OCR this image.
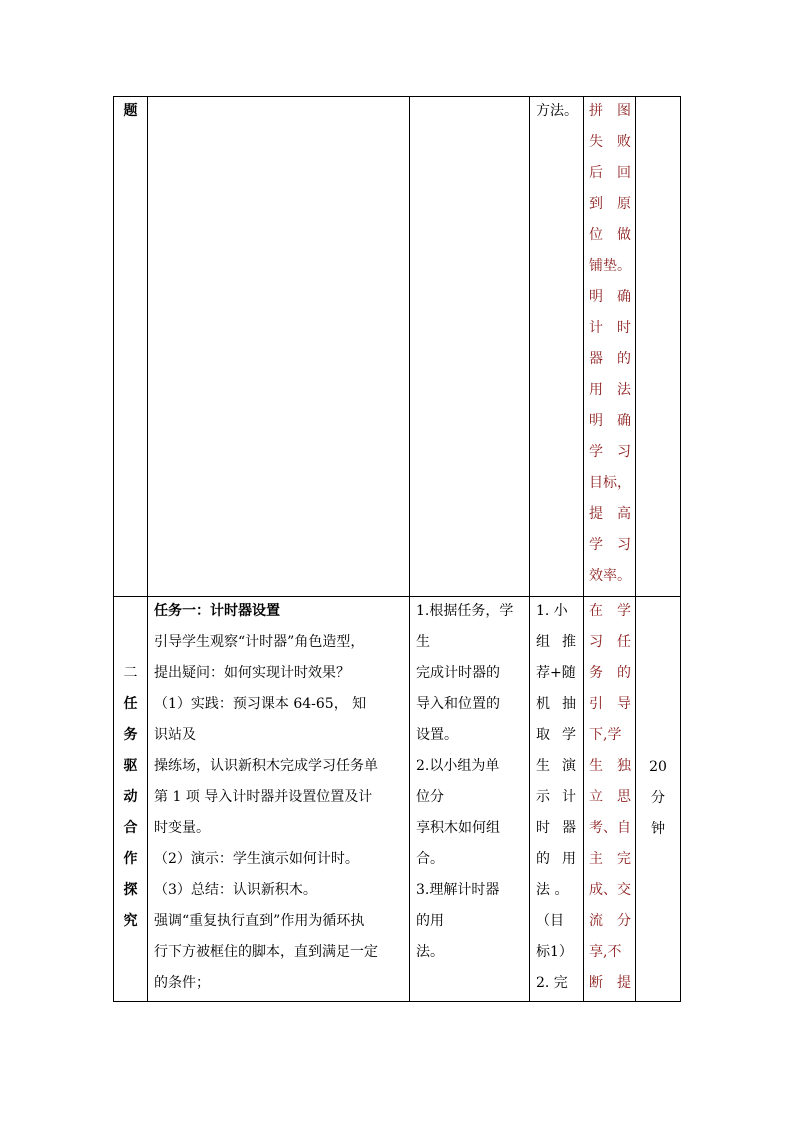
题	方法。 拼 图
失 败
后 回
到 原
位 做
铺垫。
明 确
计 时
器 的
用 法
明 确
学 习
目标，
提 高
学 习
效率。
二
任
务
驱
动
合
作
探
究
任务一：计时器设置
引导学生观察“计时器”角色造型，
提出疑问：如何实现计时效果？
（1）实践：预习课本 64-65， 知
识站及
操练场，认识新积木完成学习任务单
第 1 项 导入计时器并设置位置及计
时变量。
（2）演示：学生演示如何计时。
（3）总结：认识新积木。
强调“重复执行直到”作用为循环执
行下方被框住的脚本，直到满足一定
的条件；
1.根据任务，学
生
完成计时器的
导入和位置的
设置。
2.以小组为单
位分
享积木如何组
合。
3.理解计时器
的用
法。
1. 小
组 推
荐+随
机 抽
取 学
生 演
示 计
时 器
的 用
法 。
（目
标1）
2. 完
在 学
习 任
务 的
引 导
下,学
生 独
立 思
考、自
主 完
成、交
流 分
享,不
断 提
20
分
钟
